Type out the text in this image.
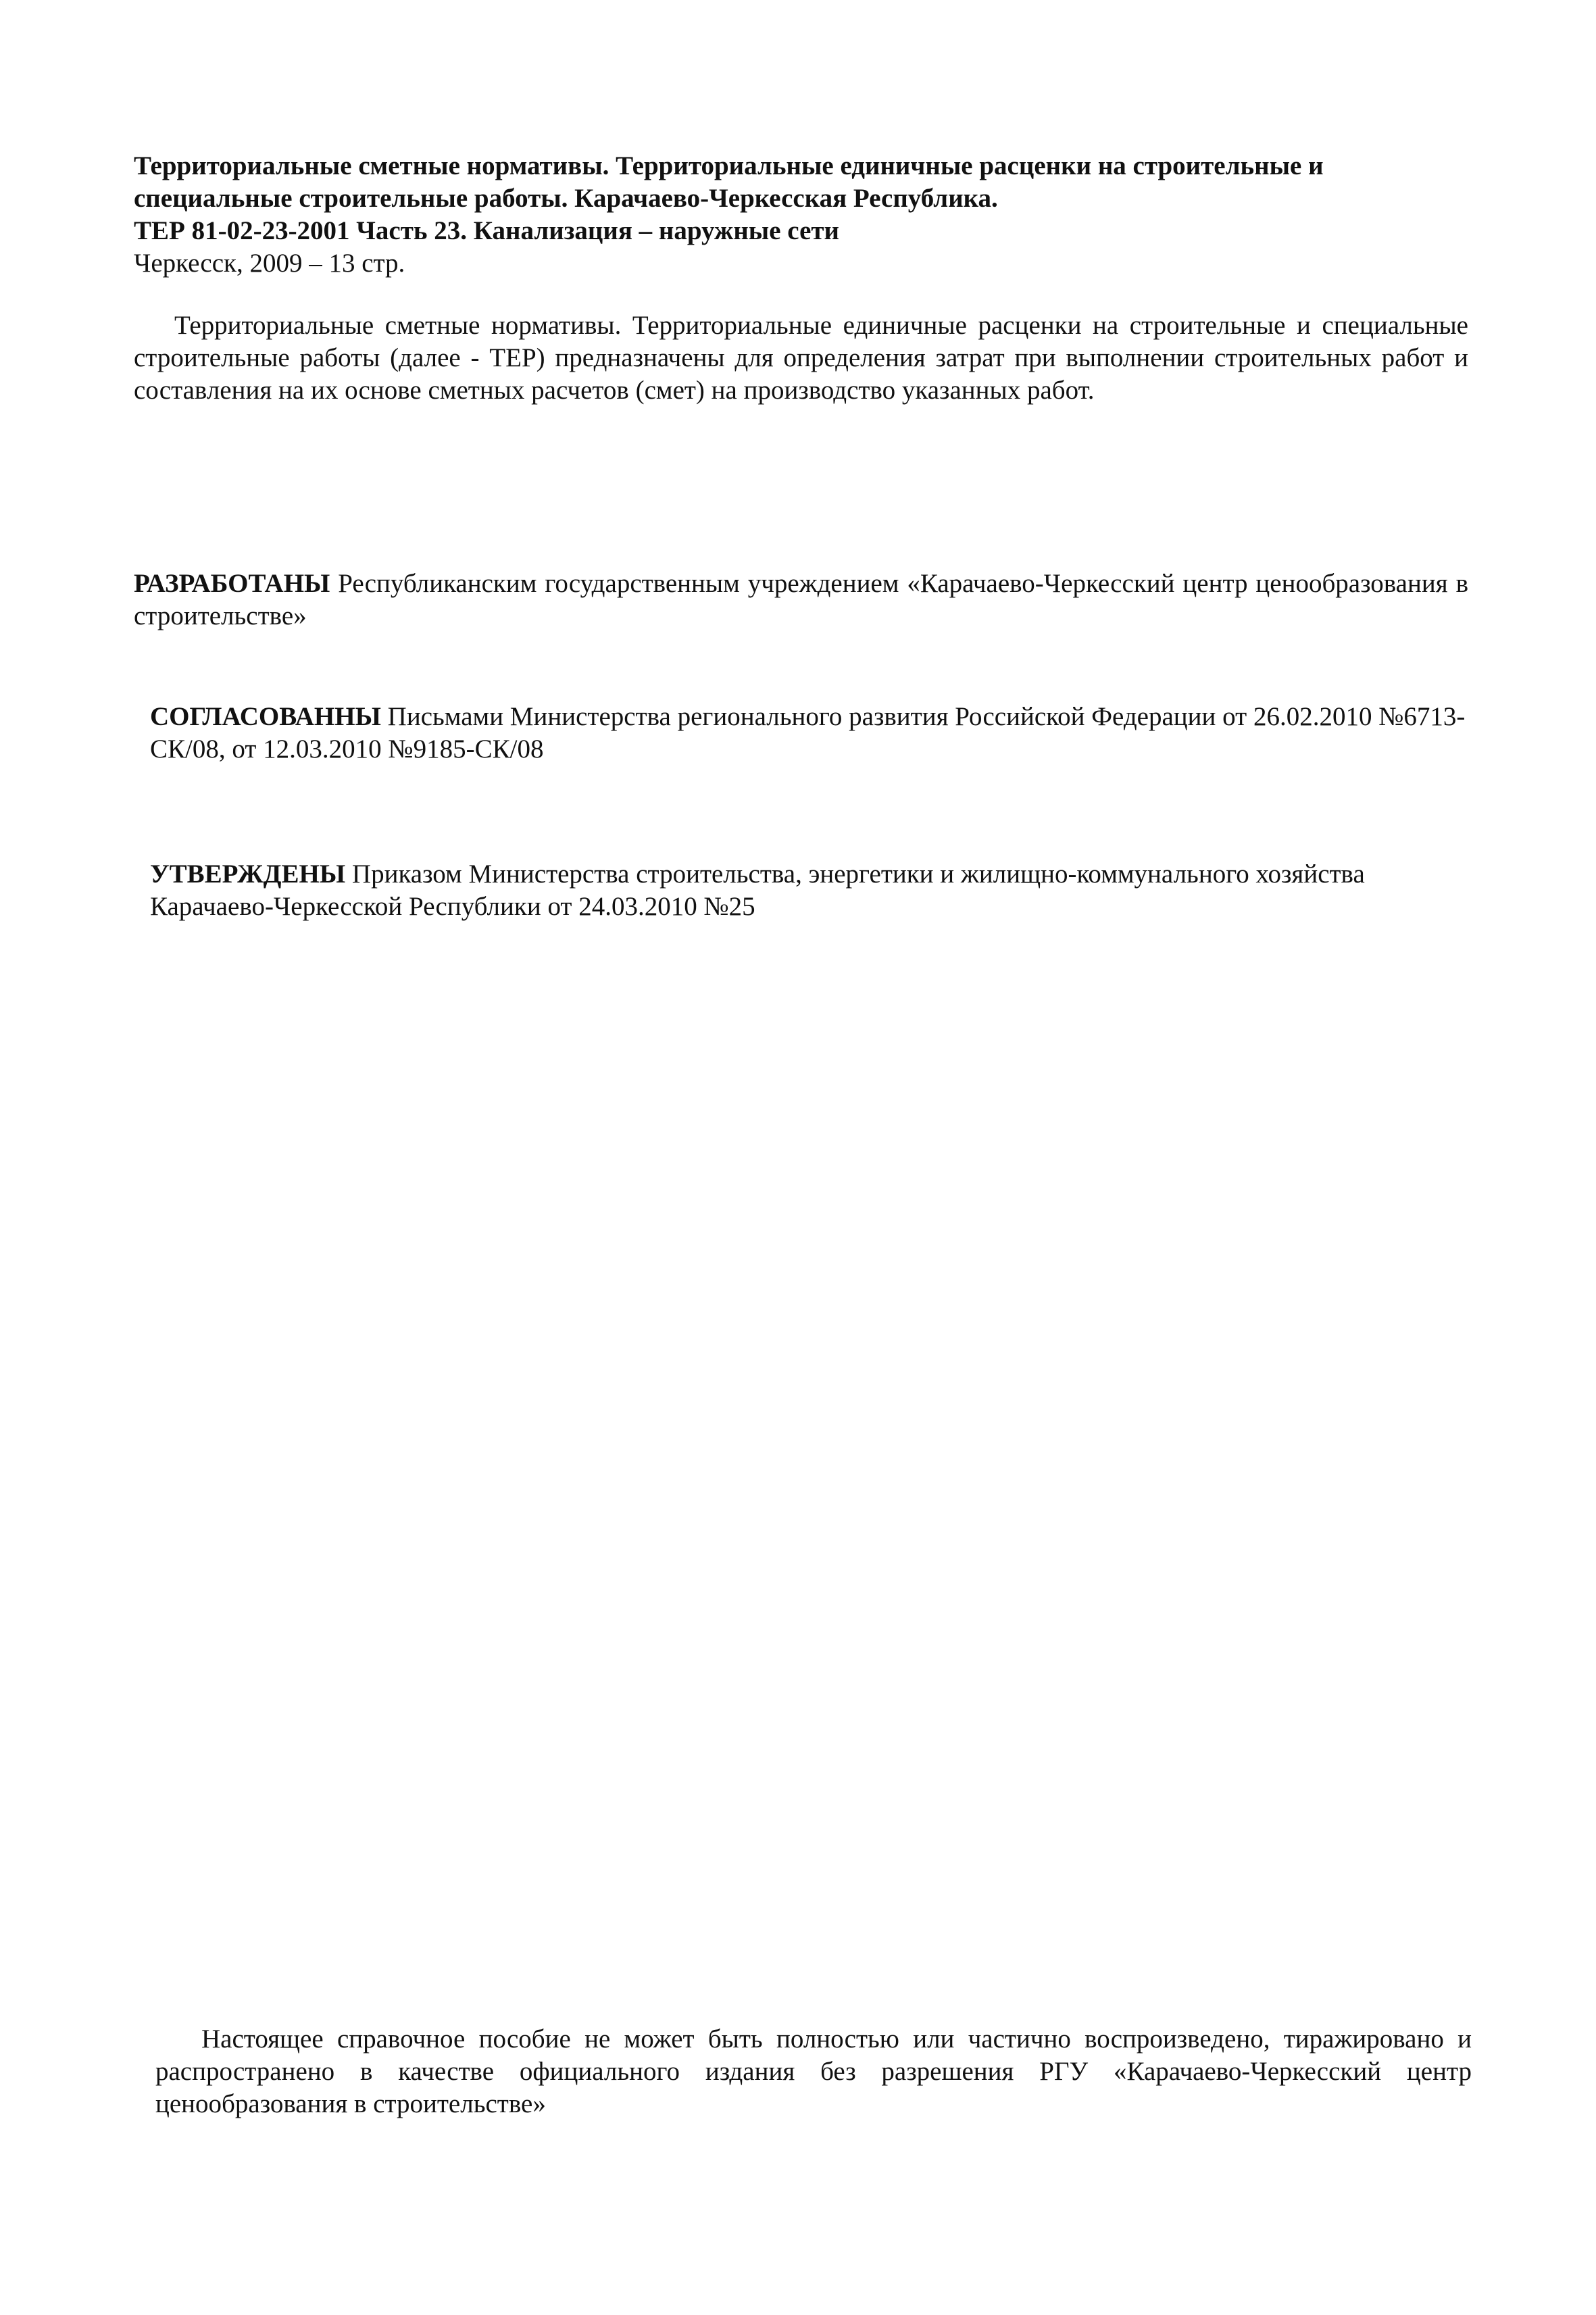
Территориальные сметные нормативы. Территориальные единичные расценки на строительные и специальные строительные работы. Карачаево-Черкесская Республика.
ТЕР 81-02-23-2001 Часть 23. Канализация – наружные сети
Черкесск, 2009 – 13 стр.
Территориальные сметные нормативы. Территориальные единичные расценки на строительные и специальные строительные работы (далее - ТЕР) предназначены для определения затрат при выполнении строительных работ и составления на их основе сметных расчетов (смет) на производство указанных работ.
РАЗРАБОТАНЫ Республиканским государственным учреждением «Карачаево-Черкесский центр ценообразования в строительстве»
СОГЛАСОВАННЫ Письмами Министерства регионального развития Российской Федерации от 26.02.2010 №6713-СК/08, от 12.03.2010 №9185-СК/08
УТВЕРЖДЕНЫ Приказом Министерства строительства, энергетики и жилищно-коммунального хозяйства Карачаево-Черкесской Республики от 24.03.2010 №25
Настоящее справочное пособие не может быть полностью или частично воспроизведено, тиражировано и распространено в качестве официального издания без разрешения РГУ «Карачаево-Черкесский центр ценообразования в строительстве»
